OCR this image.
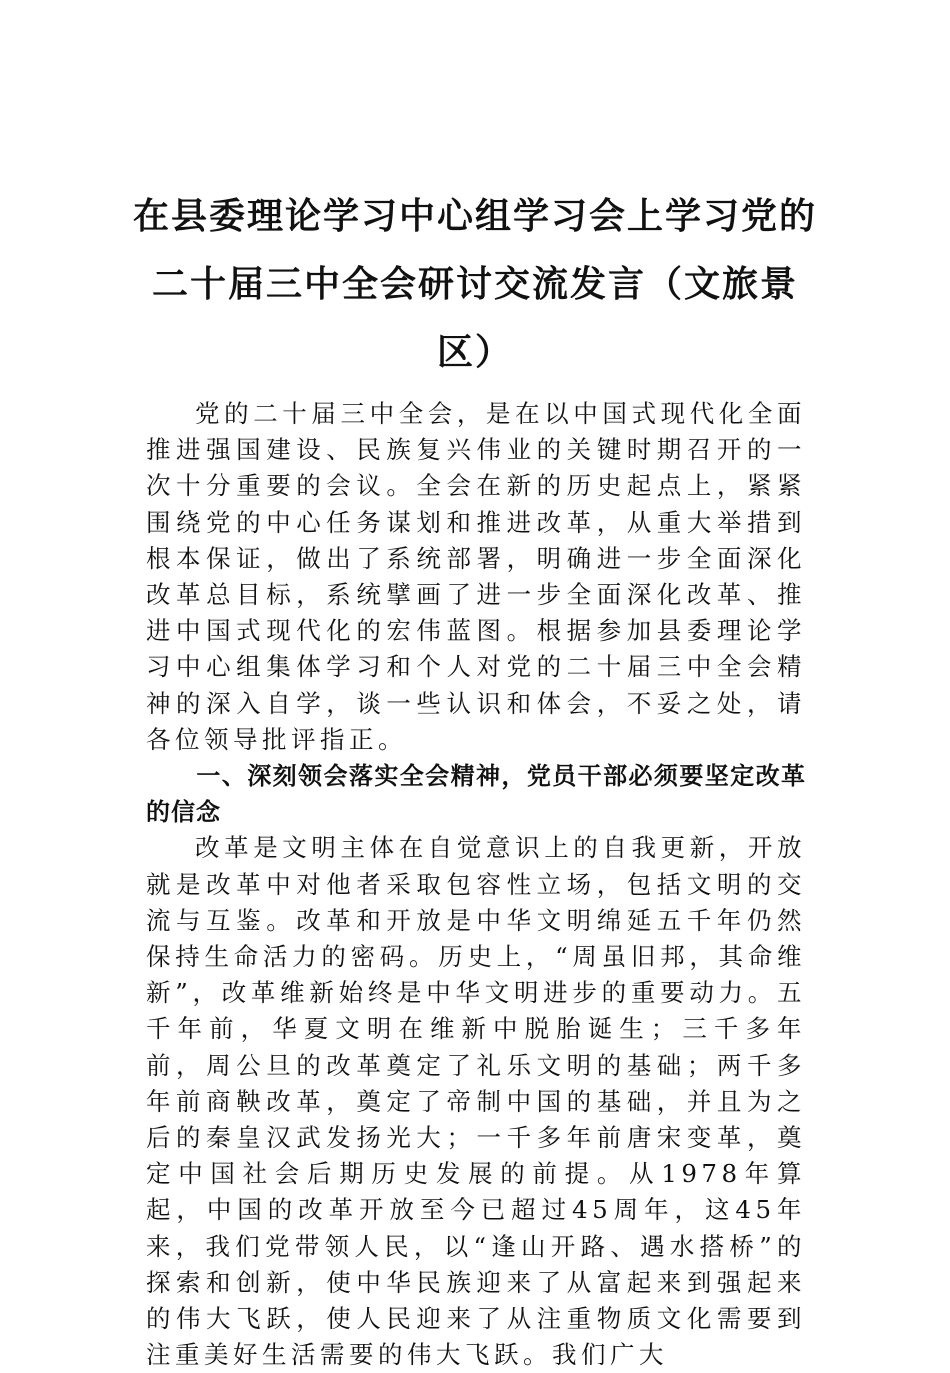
在县委理论学习中心组学习会上学习党的
二十届三中全会研讨交流发言（文旅景
区）

党的二十届三中全会，是在以中国式现代化全面推进强国建设、民族复兴伟业的关键时期召开的一次十分重要的会议。全会在新的历史起点上，紧紧围绕党的中心任务谋划和推进改革，从重大举措到根本保证，做出了系统部署，明确进一步全面深化改革总目标，系统擘画了进一步全面深化改革、推进中国式现代化的宏伟蓝图。根据参加县委理论学习中心组集体学习和个人对党的二十届三中全会精神的深入自学，谈一些认识和体会，不妥之处，请各位领导批评指正。

一、深刻领会落实全会精神，党员干部必须要坚定改革的信念

改革是文明主体在自觉意识上的自我更新，开放就是改革中对他者采取包容性立场，包括文明的交流与互鉴。改革和开放是中华文明绵延五千年仍然保持生命活力的密码。历史上，“周虽旧邦，其命维新”，改革维新始终是中华文明进步的重要动力。五千年前，华夏文明在维新中脱胎诞生；三千多年前，周公旦的改革奠定了礼乐文明的基础；两千多年前商鞅改革，奠定了帝制中国的基础，并且为之后的秦皇汉武发扬光大；一千多年前唐宋变革，奠定中国社会后期历史发展的前提。从1978年算起，中国的改革开放至今已超过45周年，这45年来，我们党带领人民，以“逢山开路、遇水搭桥”的探索和创新，使中华民族迎来了从富起来到强起来的伟大飞跃，使人民迎来了从注重物质文化需要到注重美好生活需要的伟大飞跃。我们广大
